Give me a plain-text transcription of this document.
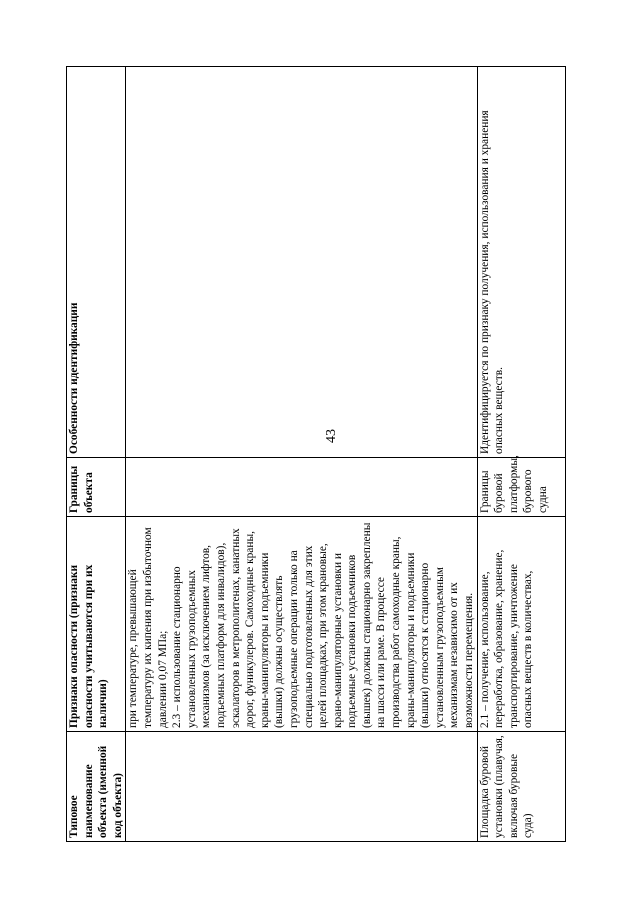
43
Типовое наименование объекта (именной код объекта)	Признаки опасности (признаки опасности учитываются при их наличии)	Границы объекта	Особенности идентификации

	при температуре, превышающей температуру их кипения при избыточном давлении 0,07 МПа; 2.3 – использование стационарно установленных грузоподъемных механизмов (за исключением лифтов, подъемных платформ для инвалидов), эскалаторов в метрополитенах, канатных дорог, фуникулеров. Самоходные краны, краны-манипуляторы и подъемники (вышки) должны осуществлять грузоподъемные операции только на специально подготовленных для этих целей площадках, при этом крановые, крано-манипуляторные установки и подъемные установки подъемников (вышек) должны стационарно закреплены на шасси или раме. В процессе производства работ самоходные краны, краны-манипуляторы и подъемники (вышки) относятся к стационарно установленным грузоподъемным механизмам независимо от их возможности перемещения.		

Площадка буровой установки (плавучая, включая буровые суда)	2.1 – получение, использование, переработка, образование, хранение, транспортирование, уничтожение опасных веществ в количествах,	Границы буровой платформы, бурового судна	Идентифицируется по признаку получения, использования и хранения опасных веществ.
